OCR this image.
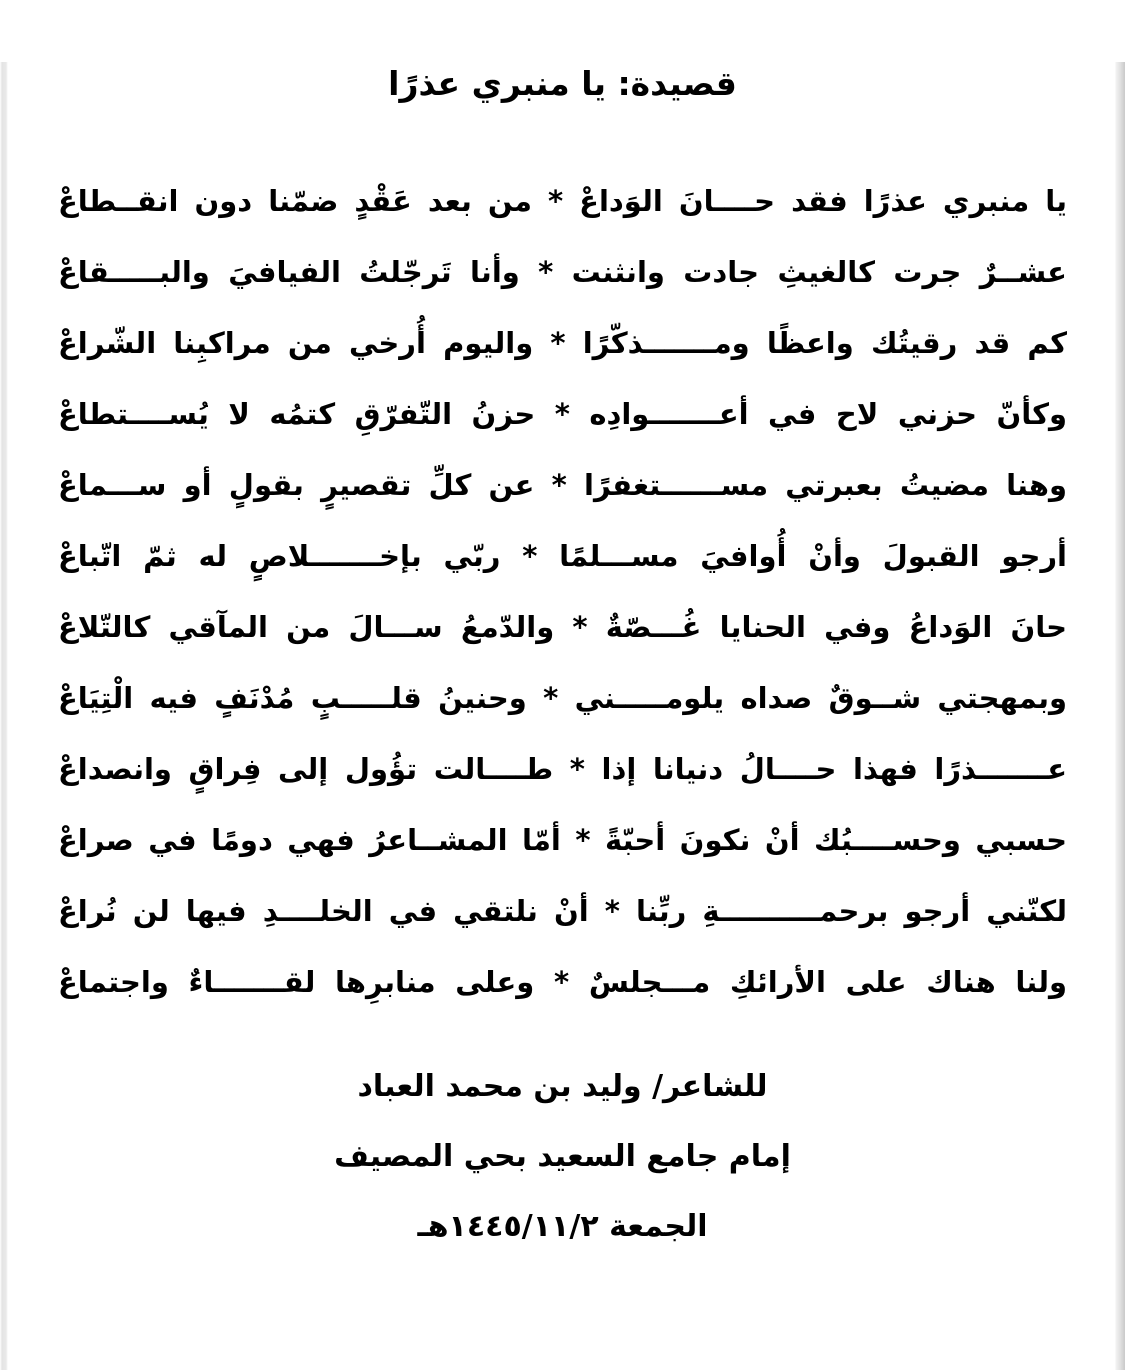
قصيدة: يا منبري عذرًا
يا منبري عذرًا فقد حــــانَ الوَداعْ * من بعد عَقْدٍ ضمّنا دون انقــطاعْ
عشــرٌ جرت كالغيثِ جادت وانثنت * وأنا تَرجّلتُ الفيافيَ والبـــــقاعْ
كم قد رقيتُك واعظًا ومـــــــذكّرًا * واليوم أُرخي من مراكبِنا الشّراعْ
وكأنّ حزني لاح في أعـــــــوادِه * حزنُ التّفرّقِ كتمُه لا يُســــتطاعْ
وهنا مضيتُ بعبرتي مســــــتغفرًا * عن كلِّ تقصيرٍ بقولٍ أو ســـماعْ
أرجو القبولَ وأنْ أُوافيَ مســـلمًا * ربّي بإخـــــــلاصٍ له ثمّ اتّباعْ
حانَ الوَداعُ وفي الحنايا غُـــصّةٌ * والدّمعُ ســـالَ من المآقي كالتّلاعْ
وبمهجتي شــوقٌ صداه يلومـــــني * وحنينُ قلـــــبٍ مُدْنَفٍ فيه الْتِيَاعْ
عـــــــذرًا فهذا حــــالُ دنيانا إذا * طــــالت تؤُول إلى فِراقٍ وانصداعْ
حسبي وحســــبُك أنْ نكونَ أحبّةً * أمّا المشــاعرُ فهي دومًا في صراعْ
لكنّني أرجو برحمــــــــــةِ ربِّنا * أنْ نلتقي في الخلــــدِ فيها لن نُراعْ
ولنا هناك على الأرائكِ مـــجلسٌ * وعلى منابرِها لقـــــــاءٌ واجتماعْ
للشاعر/ وليد بن محمد العباد
إمام جامع السعيد بحي المصيف
الجمعة ١٤٤٥/١١/٢هـ
